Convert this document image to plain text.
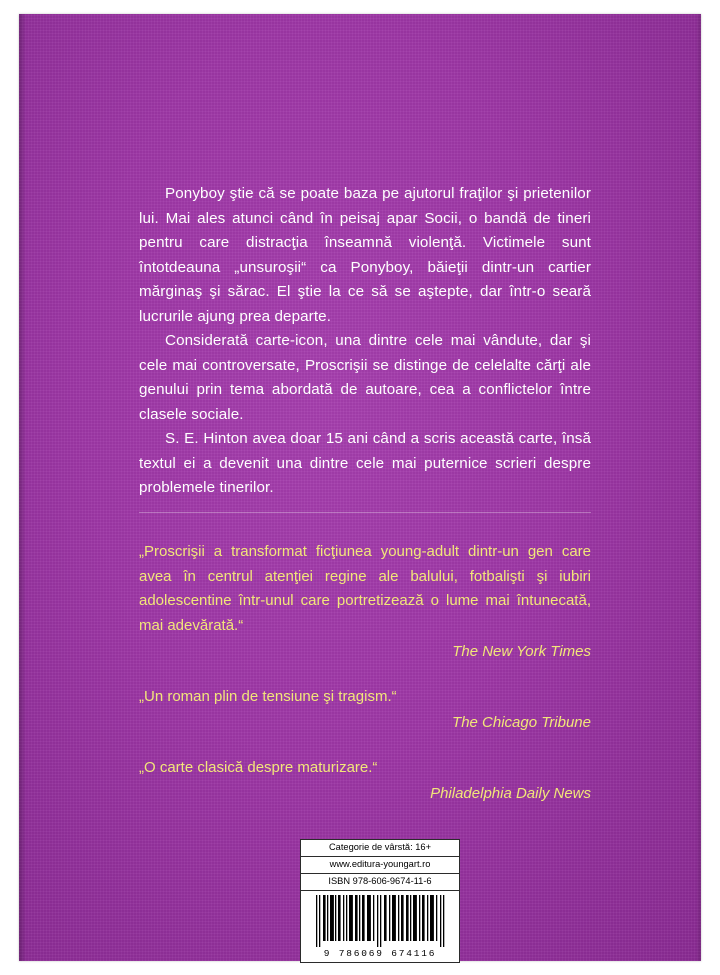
Ponyboy ştie că se poate baza pe ajutorul fraţilor şi prietenilor lui. Mai ales atunci când în peisaj apar Socii, o bandă de tineri pentru care distracţia înseamnă violenţă. Victimele sunt întotdeauna „unsuroşii“ ca Ponyboy, băieţii dintr-un cartier mărginaş şi sărac. El ştie la ce să se aştepte, dar într-o seară lucrurile ajung prea departe.

Considerată carte-icon, una dintre cele mai vândute, dar şi cele mai controversate, Proscrişii se distinge de celelalte cărţi ale genului prin tema abordată de autoare, cea a conflictelor între clasele sociale.

S. E. Hinton avea doar 15 ani când a scris această carte, însă textul ei a devenit una dintre cele mai puternice scrieri despre problemele tinerilor.

„Proscrişii a transformat ficţiunea young-adult dintr-un gen care avea în centrul atenţiei regine ale balului, fotbalişti şi iubiri adolescentine într-unul care portretizează o lume mai întunecată, mai adevărată.“
The New York Times
„Un roman plin de tensiune şi tragism.“
The Chicago Tribune
„O carte clasică despre maturizare.“
Philadelphia Daily News
Categorie de vârstă: 16+
www.editura-youngart.ro
ISBN 978-606-9674-11-6
9 786069 674116
